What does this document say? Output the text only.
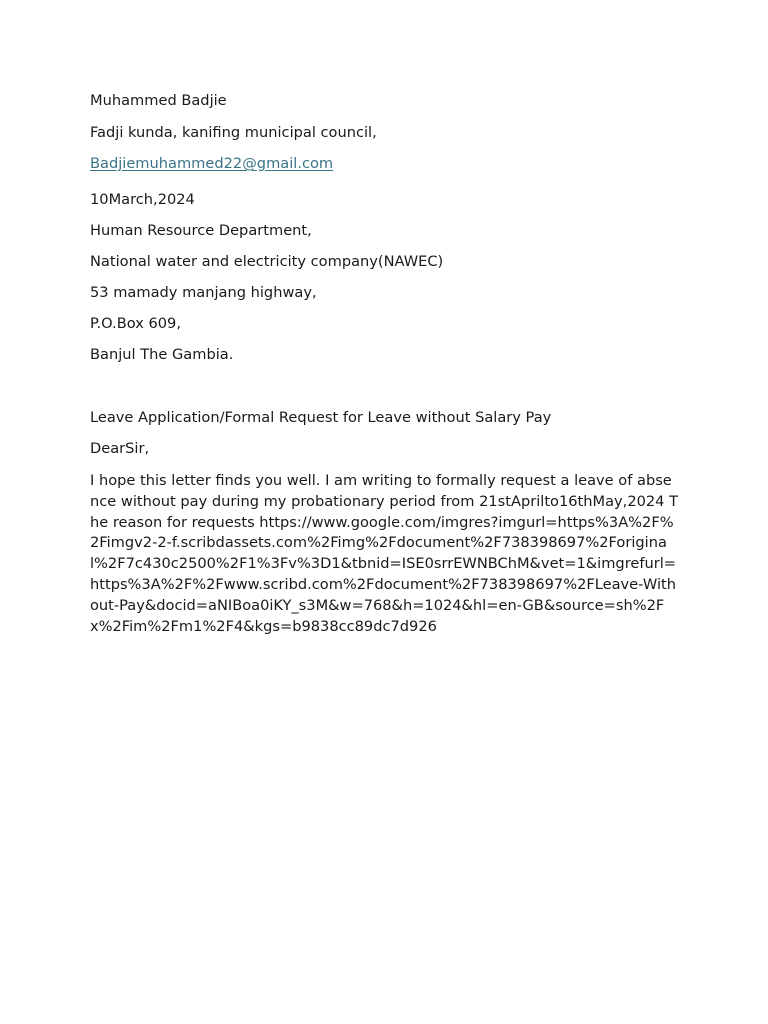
Muhammed Badjie
Fadji kunda, kanifing municipal council,
Badjiemuhammed22@gmail.com
10March,2024
Human Resource Department,
National water and electricity company(NAWEC)
53 mamady manjang highway,
P.O.Box 609,
Banjul The Gambia.
Leave Application/Formal Request for Leave without Salary Pay
DearSir,
I hope this letter finds you well. I am writing to formally request a leave of absence without pay during my probationary period from 21stAprilto16thMay,2024 The reason for requests https://www.google.com/imgres?imgurl=https%3A%2F%2Fimgv2-2-f.scribdassets.com%2Fimg%2Fdocument%2F738398697%2Foriginal%2F7c430c2500%2F1%3Fv%3D1&tbnid=ISE0srrEWNBChM&vet=1&imgrefurl=https%3A%2F%2Fwww.scribd.com%2Fdocument%2F738398697%2FLeave-Without-Pay&docid=aNIBoa0iKY_s3M&w=768&h=1024&hl=en-GB&source=sh%2Fx%2Fim%2Fm1%2F4&kgs=b9838cc89dc7d926
